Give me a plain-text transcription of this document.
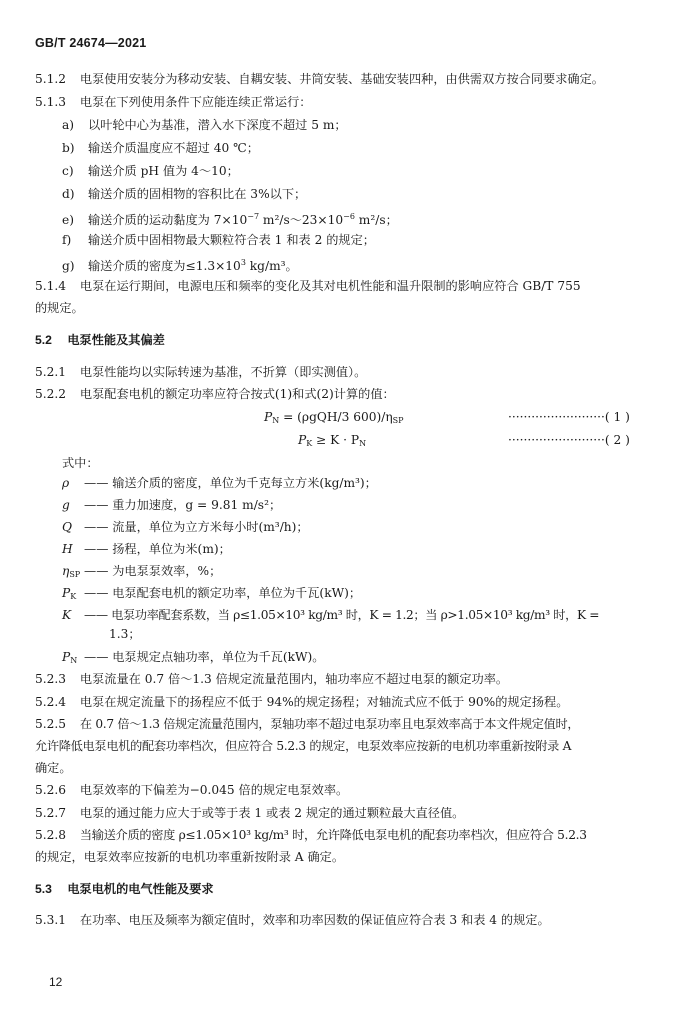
GB/T 24674—2021
5.1.2 电泵使用安装分为移动安装、自耦安装、井筒安装、基础安装四种，由供需双方按合同要求确定。
5.1.3 电泵在下列使用条件下应能连续正常运行：
a) 以叶轮中心为基准，潜入水下深度不超过 5 m；
b) 输送介质温度应不超过 40 ℃；
c) 输送介质 pH 值为 4～10；
d) 输送介质的固相物的容积比在 3%以下；
e) 输送介质的运动黏度为 $7\times 10^{-7}$ $m^2/s\sim 23\times 10^{-6}$ m²/s；
f) 输送介质中固相物最大颗粒符合表 1 和表 2 的规定；
g) 输送介质的密度为$\le 1.3\times 10^3$ kg/m³。
5.1.4 电泵在运行期间，电源电压和频率的变化及其对电机性能和温升限制的影响应符合 GB/T 755
的规定。
5.2 电泵性能及其偏差
5.2.1 电泵性能均以实际转速为基准，不折算（即实测值）。
5.2.2 电泵配套电机的额定功率应符合按式(1)和式(2)计算的值：
$P_N = (\rho gQH/3$ $600)/\eta_{SP}$	·························( 1 )
$P_K \ge K \cdot P_N$	·························( 2 )
式中：
ρ —— 输送介质的密度，单位为千克每立方米(kg/m³)；
g —— 重力加速度，g = 9.81 m/s²；
Q —— 流量，单位为立方米每小时(m³/h)；
H —— 扬程，单位为米(m)；
$\eta_{SP}$ —— 为电泵泵效率，%；
$P_K$ —— 电泵配套电机的额定功率，单位为千瓦(kW)；
K —— 电泵功率配套系数，当 ρ≤1.05×10³ kg/m³ 时，K = 1.2；当 ρ>1.05×10³ kg/m³ 时，K =
1.3；
$P_N$ —— 电泵规定点轴功率，单位为千瓦(kW)。
5.2.3 电泵流量在 0.7 倍～1.3 倍规定流量范围内，轴功率应不超过电泵的额定功率。
5.2.4 电泵在规定流量下的扬程应不低于 94%的规定扬程；对轴流式应不低于 90%的规定扬程。
5.2.5 在 0.7 倍～1.3 倍规定流量范围内，泵轴功率不超过电泵功率且电泵效率高于本文件规定值时，
允许降低电泵电机的配套功率档次，但应符合 5.2.3 的规定，电泵效率应按新的电机功率重新按附录 A
确定。
5.2.6 电泵效率的下偏差为−0.045 倍的规定电泵效率。
5.2.7 电泵的通过能力应大于或等于表 1 或表 2 规定的通过颗粒最大直径值。
5.2.8 当输送介质的密度 ρ≤1.05×10³ kg/m³ 时，允许降低电泵电机的配套功率档次，但应符合 5.2.3
的规定，电泵效率应按新的电机功率重新按附录 A 确定。
5.3 电泵电机的电气性能及要求
5.3.1 在功率、电压及频率为额定值时，效率和功率因数的保证值应符合表 3 和表 4 的规定。
12
